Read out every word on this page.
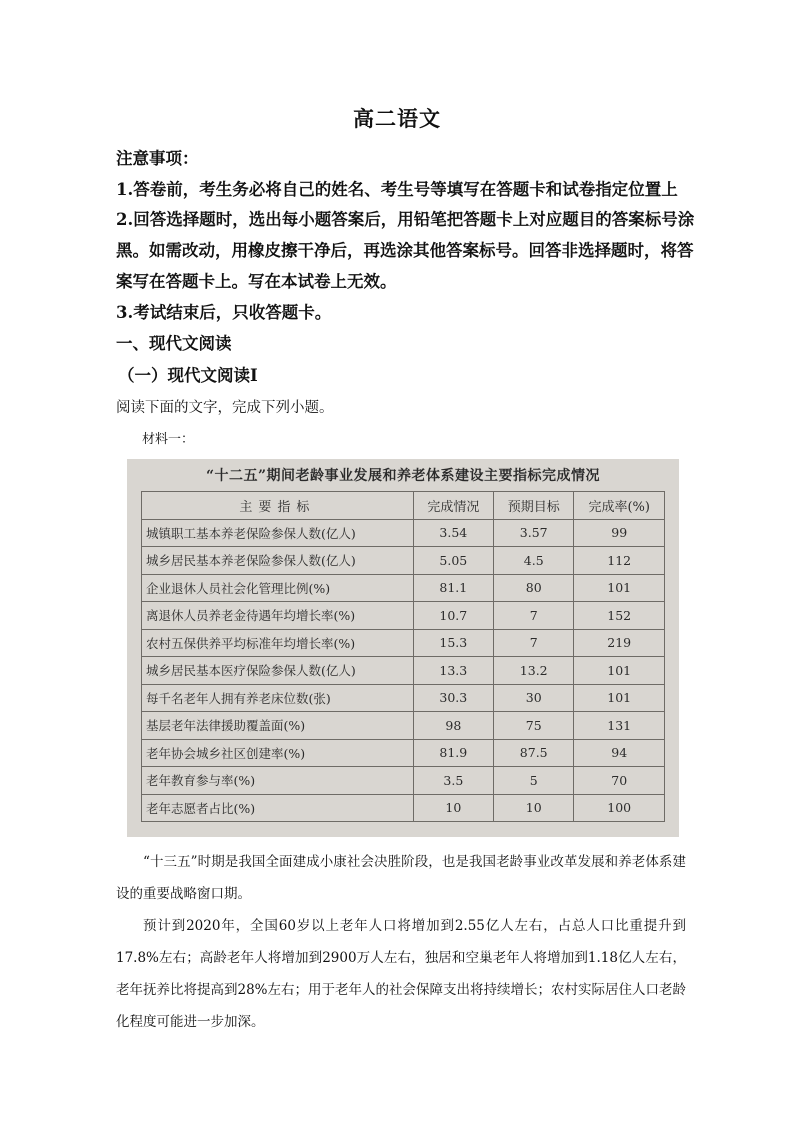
高二语文
注意事项：
1.答卷前，考生务必将自己的姓名、考生号等填写在答题卡和试卷指定位置上
2.回答选择题时，选出每小题答案后，用铅笔把答题卡上对应题目的答案标号涂
黑。如需改动，用橡皮擦干净后，再选涂其他答案标号。回答非选择题时，将答
案写在答题卡上。写在本试卷上无效。
3.考试结束后，只收答题卡。
一、现代文阅读
（一）现代文阅读Ⅰ
阅读下面的文字，完成下列小题。
材料一：
“十二五”期间老龄事业发展和养老体系建设主要指标完成情况
主要指标	完成情况	预期目标	完成率(%)
城镇职工基本养老保险参保人数(亿人)	3.54	3.57	99
城乡居民基本养老保险参保人数(亿人)	5.05	4.5	112
企业退休人员社会化管理比例(%)	81.1	80	101
离退休人员养老金待遇年均增长率(%)	10.7	7	152
农村五保供养平均标准年均增长率(%)	15.3	7	219
城乡居民基本医疗保险参保人数(亿人)	13.3	13.2	101
每千名老年人拥有养老床位数(张)	30.3	30	101
基层老年法律援助覆盖面(%)	98	75	131
老年协会城乡社区创建率(%)	81.9	87.5	94
老年教育参与率(%)	3.5	5	70
老年志愿者占比(%)	10	10	100

“十三五”时期是我国全面建成小康社会决胜阶段，也是我国老龄事业改革发展和养老体系建设的重要战略窗口期。

预计到2020年，全国60岁以上老年人口将增加到2.55亿人左右，占总人口比重提升到17.8%左右；高龄老年人将增加到2900万人左右，独居和空巢老年人将增加到1.18亿人左右，老年抚养比将提高到28%左右；用于老年人的社会保障支出将持续增长；农村实际居住人口老龄化程度可能进一步加深。
